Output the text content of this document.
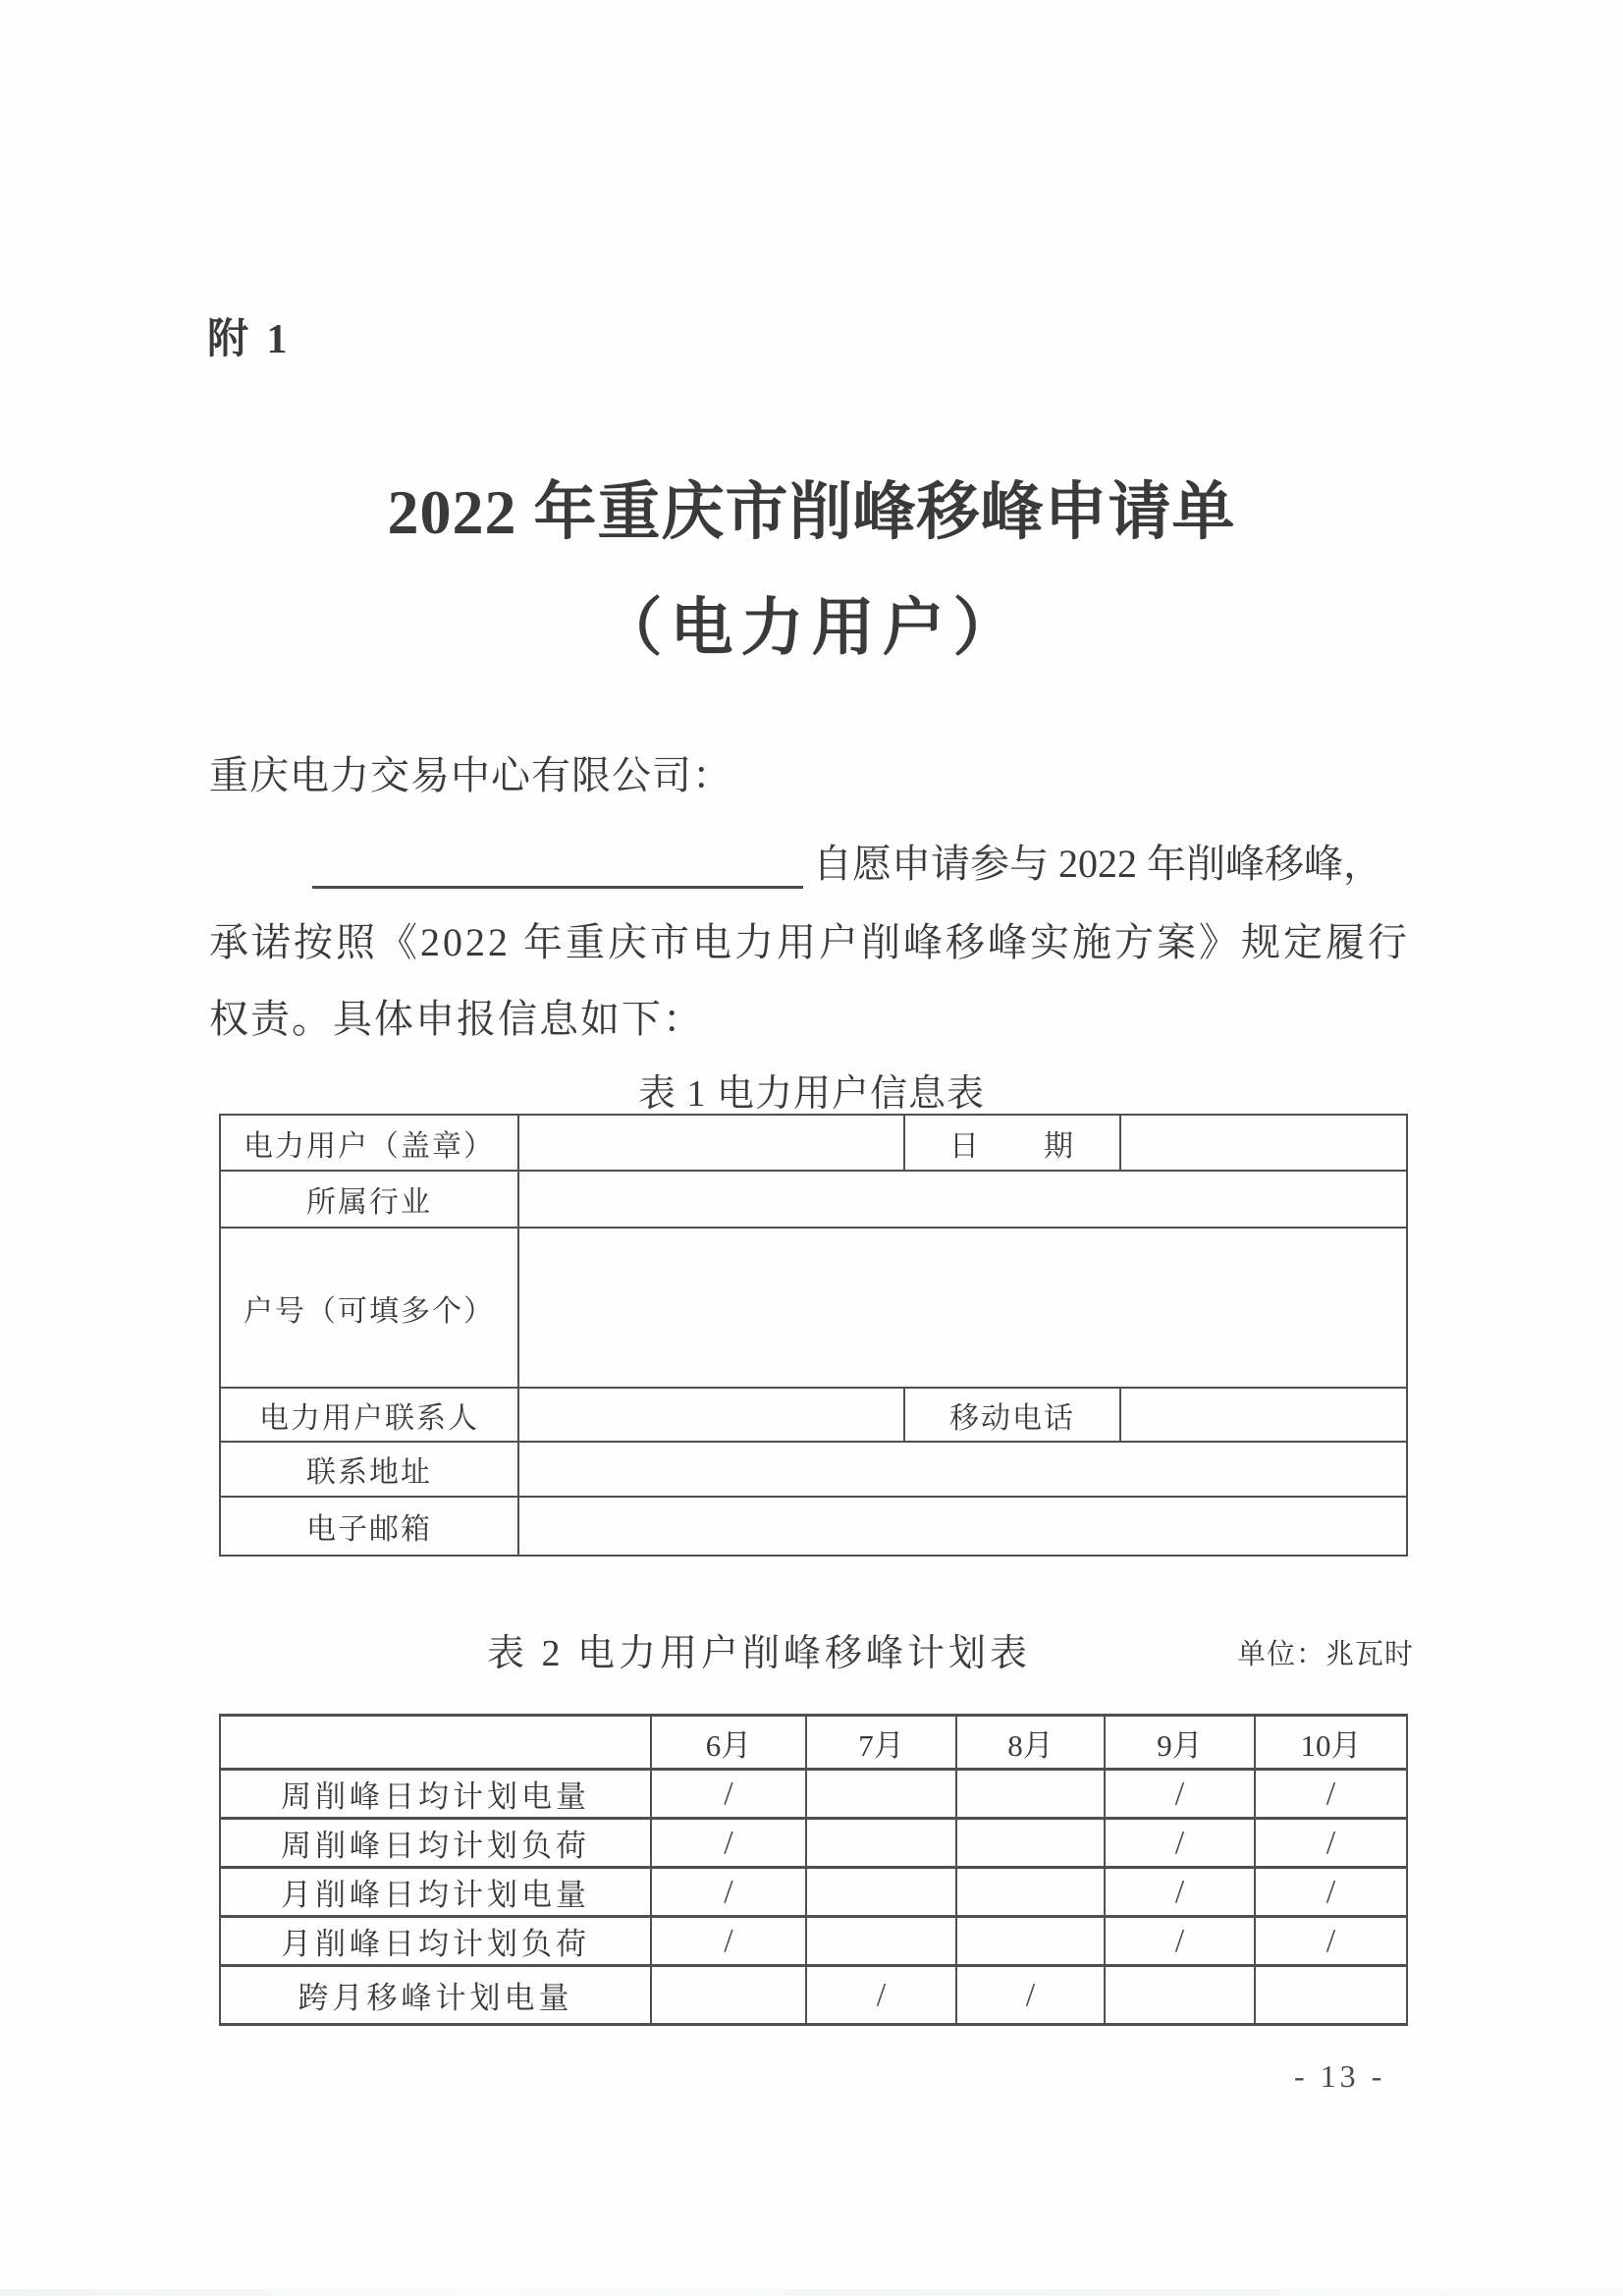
附 1
2022 年重庆市削峰移峰申请单
（电力用户）
重庆电力交易中心有限公司：
自愿申请参与 2022 年削峰移峰，
承诺按照《2022 年重庆市电力用户削峰移峰实施方案》规定履行
权责。具体申报信息如下：
表 1 电力用户信息表
电力用户（盖章）		日　　期	
所属行业			
户号（可填多个）			
电力用户联系人		移动电话	
联系地址			
电子邮箱			
表 2 电力用户削峰移峰计划表	单位：兆瓦时
	6月	7月	8月	9月	10月
周削峰日均计划电量	/			/	/
周削峰日均计划负荷	/			/	/
月削峰日均计划电量	/			/	/
月削峰日均计划负荷	/			/	/
跨月移峰计划电量		/	/		
- 13 -
